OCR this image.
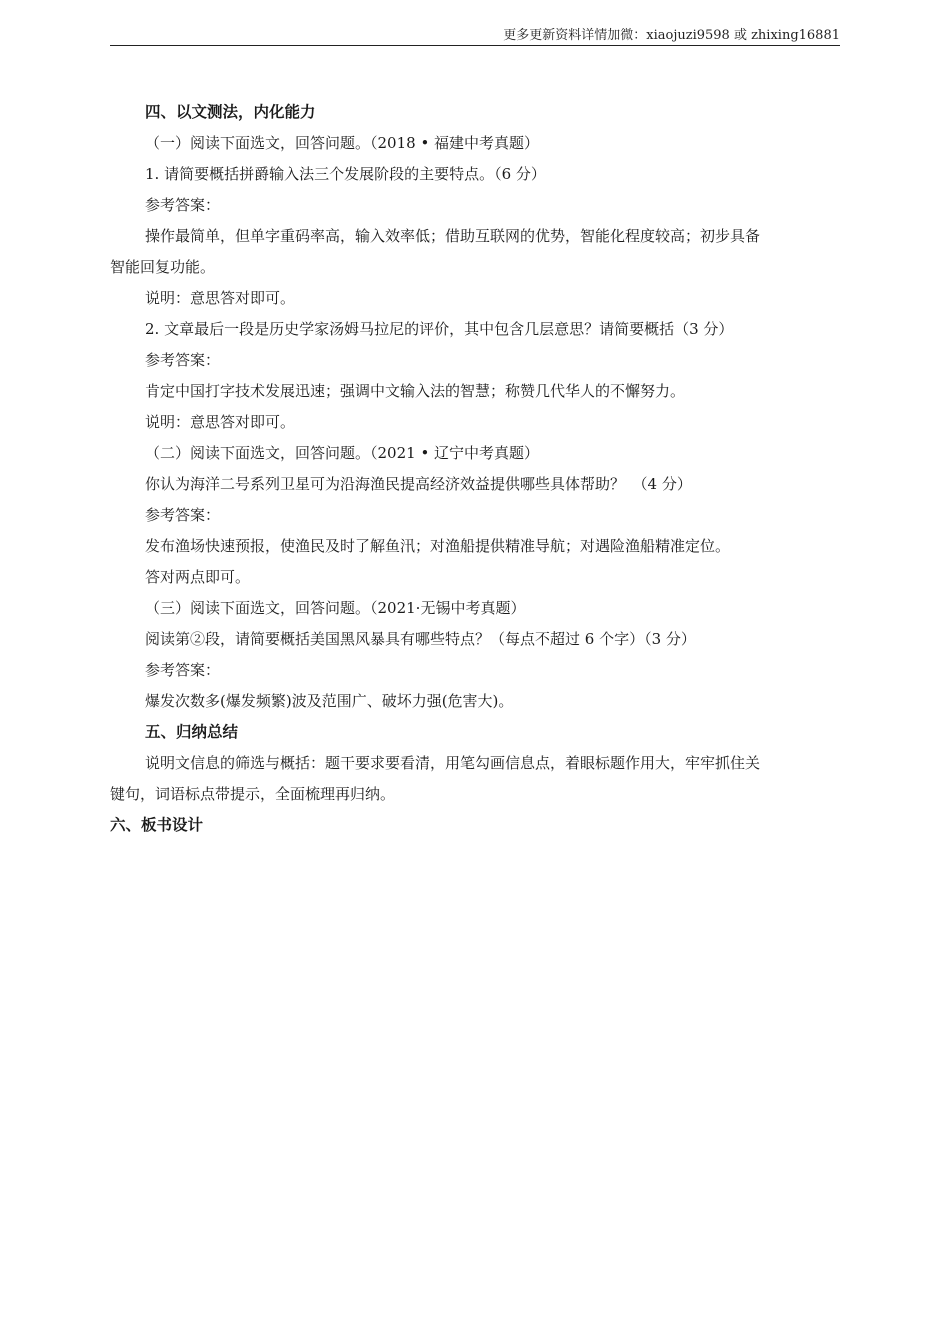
更多更新资料详情加微：xiaojuzi9598 或 zhixing16881
四、以文测法，内化能力
（一）阅读下面选文，回答问题。（2018 • 福建中考真题）
1. 请简要概括拼爵输入法三个发展阶段的主要特点。（6 分）
参考答案：
操作最简单，但单字重码率高，输入效率低；借助互联网的优势，智能化程度较高；初步具备
智能回复功能。
说明：意思答对即可。
2. 文章最后一段是历史学家汤姆马拉尼的评价，其中包含几层意思？请简要概括（3 分）
参考答案：
肯定中国打字技术发展迅速；强调中文输入法的智慧；称赞几代华人的不懈努力。
说明：意思答对即可。
（二）阅读下面选文，回答问题。（2021 • 辽宁中考真题）
你认为海洋二号系列卫星可为沿海渔民提高经济效益提供哪些具体帮助？　（4 分）
参考答案：
发布渔场快速预报，使渔民及时了解鱼汛；对渔船提供精准导航；对遇险渔船精准定位。
答对两点即可。
（三）阅读下面选文，回答问题。（2021·无锡中考真题）
阅读第②段，请简要概括美国黑风暴具有哪些特点？（每点不超过 6 个字）（3 分）
参考答案：
爆发次数多(爆发频繁)波及范围广、破坏力强(危害大)。
五、归纳总结
说明文信息的筛选与概括：题干要求要看清，用笔勾画信息点，着眼标题作用大，牢牢抓住关
键句，词语标点带提示，全面梳理再归纳。
六、板书设计
